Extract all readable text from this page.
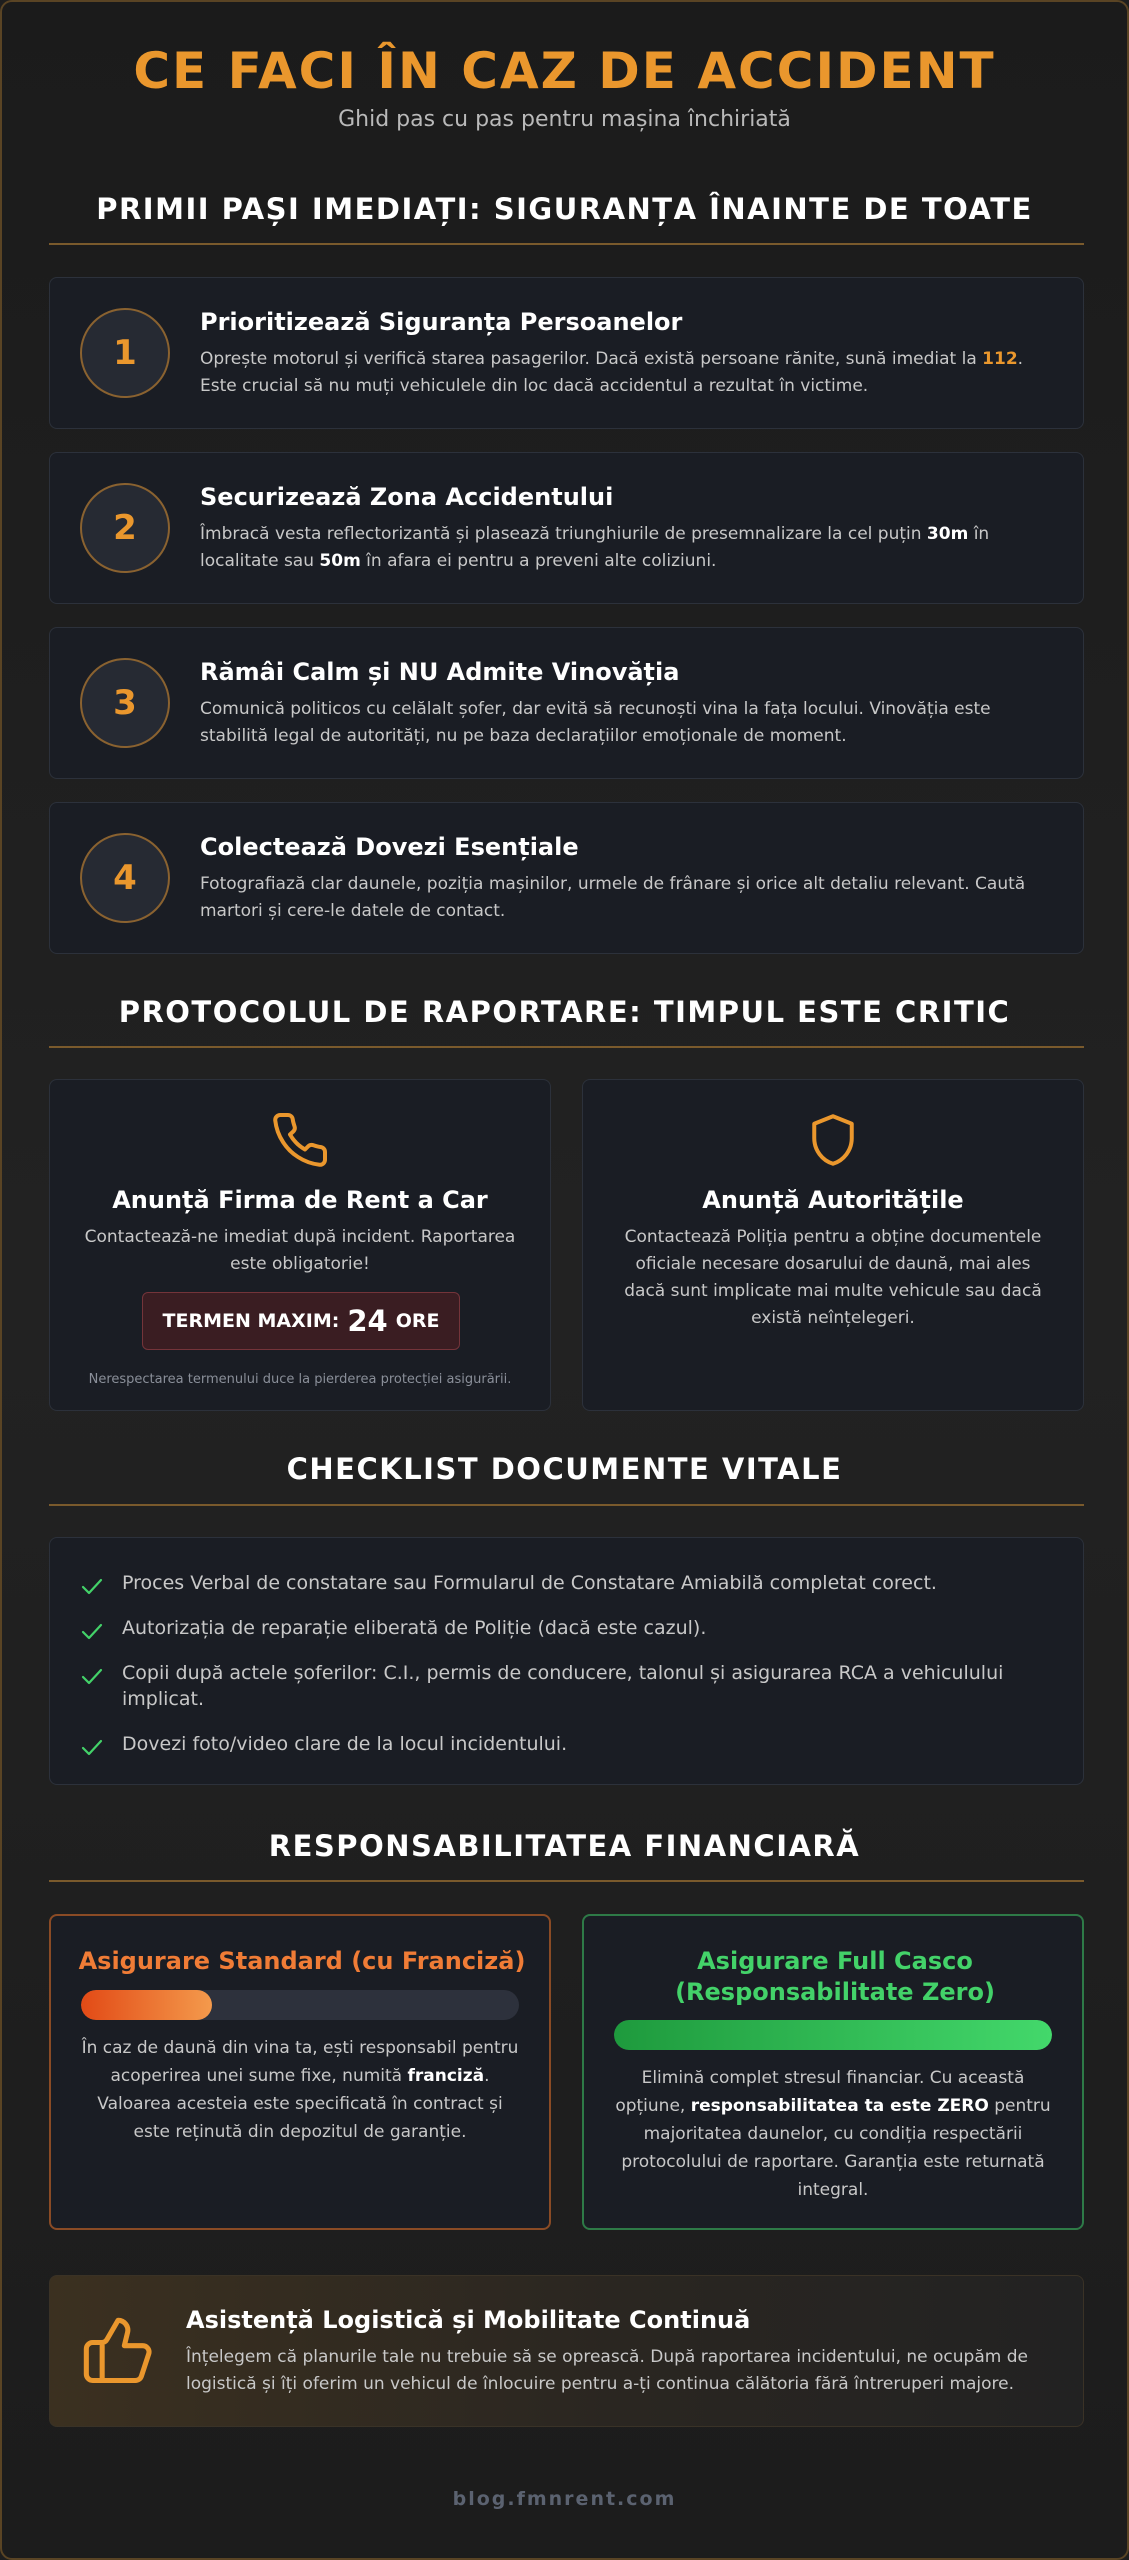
CE FACI ÎN CAZ DE ACCIDENT
Ghid pas cu pas pentru mașina închiriată
PRIMII PAȘI IMEDIAȚI: SIGURANȚA ÎNAINTE DE TOATE
1
Prioritizează Siguranța Persoanelor
Oprește motorul și verifică starea pasagerilor. Dacă există persoane rănite, sună imediat la 112. Este crucial să nu muți vehiculele din loc dacă accidentul a rezultat în victime.
2
Securizează Zona Accidentului
Îmbracă vesta reflectorizantă și plasează triunghiurile de presemnalizare la cel puțin 30m în localitate sau 50m în afara ei pentru a preveni alte coliziuni.
3
Rămâi Calm și NU Admite Vinovăția
Comunică politicos cu celălalt șofer, dar evită să recunoști vina la fața locului. Vinovăția este stabilită legal de autorități, nu pe baza declarațiilor emoționale de moment.
4
Colectează Dovezi Esențiale
Fotografiază clar daunele, poziția mașinilor, urmele de frânare și orice alt detaliu relevant. Caută martori și cere-le datele de contact.
PROTOCOLUL DE RAPORTARE: TIMPUL ESTE CRITIC
Anunță Firma de Rent a Car
Contactează-ne imediat după incident. Raportarea este obligatorie!
TERMEN MAXIM: 24 ORE
Nerespectarea termenului duce la pierderea protecției asigurării.
Anunță Autoritățile
Contactează Poliția pentru a obține documentele oficiale necesare dosarului de daună, mai ales dacă sunt implicate mai multe vehicule sau dacă există neînțelegeri.
CHECKLIST DOCUMENTE VITALE
Proces Verbal de constatare sau Formularul de Constatare Amiabilă completat corect.
Autorizația de reparație eliberată de Poliție (dacă este cazul).
Copii după actele șoferilor: C.I., permis de conducere, talonul și asigurarea RCA a vehiculului implicat.
Dovezi foto/video clare de la locul incidentului.
RESPONSABILITATEA FINANCIARĂ
Asigurare Standard (cu Franciză)
În caz de daună din vina ta, ești responsabil pentru acoperirea unei sume fixe, numită franciză. Valoarea acesteia este specificată în contract și este reținută din depozitul de garanție.
Asigurare Full Casco
(Responsabilitate Zero)
Elimină complet stresul financiar. Cu această opțiune, responsabilitatea ta este ZERO pentru majoritatea daunelor, cu condiția respectării protocolului de raportare. Garanția este returnată integral.
Asistență Logistică și Mobilitate Continuă
Înțelegem că planurile tale nu trebuie să se oprească. După raportarea incidentului, ne ocupăm de logistică și îți oferim un vehicul de înlocuire pentru a-ți continua călătoria fără întreruperi majore.
blog.fmnrent.com
